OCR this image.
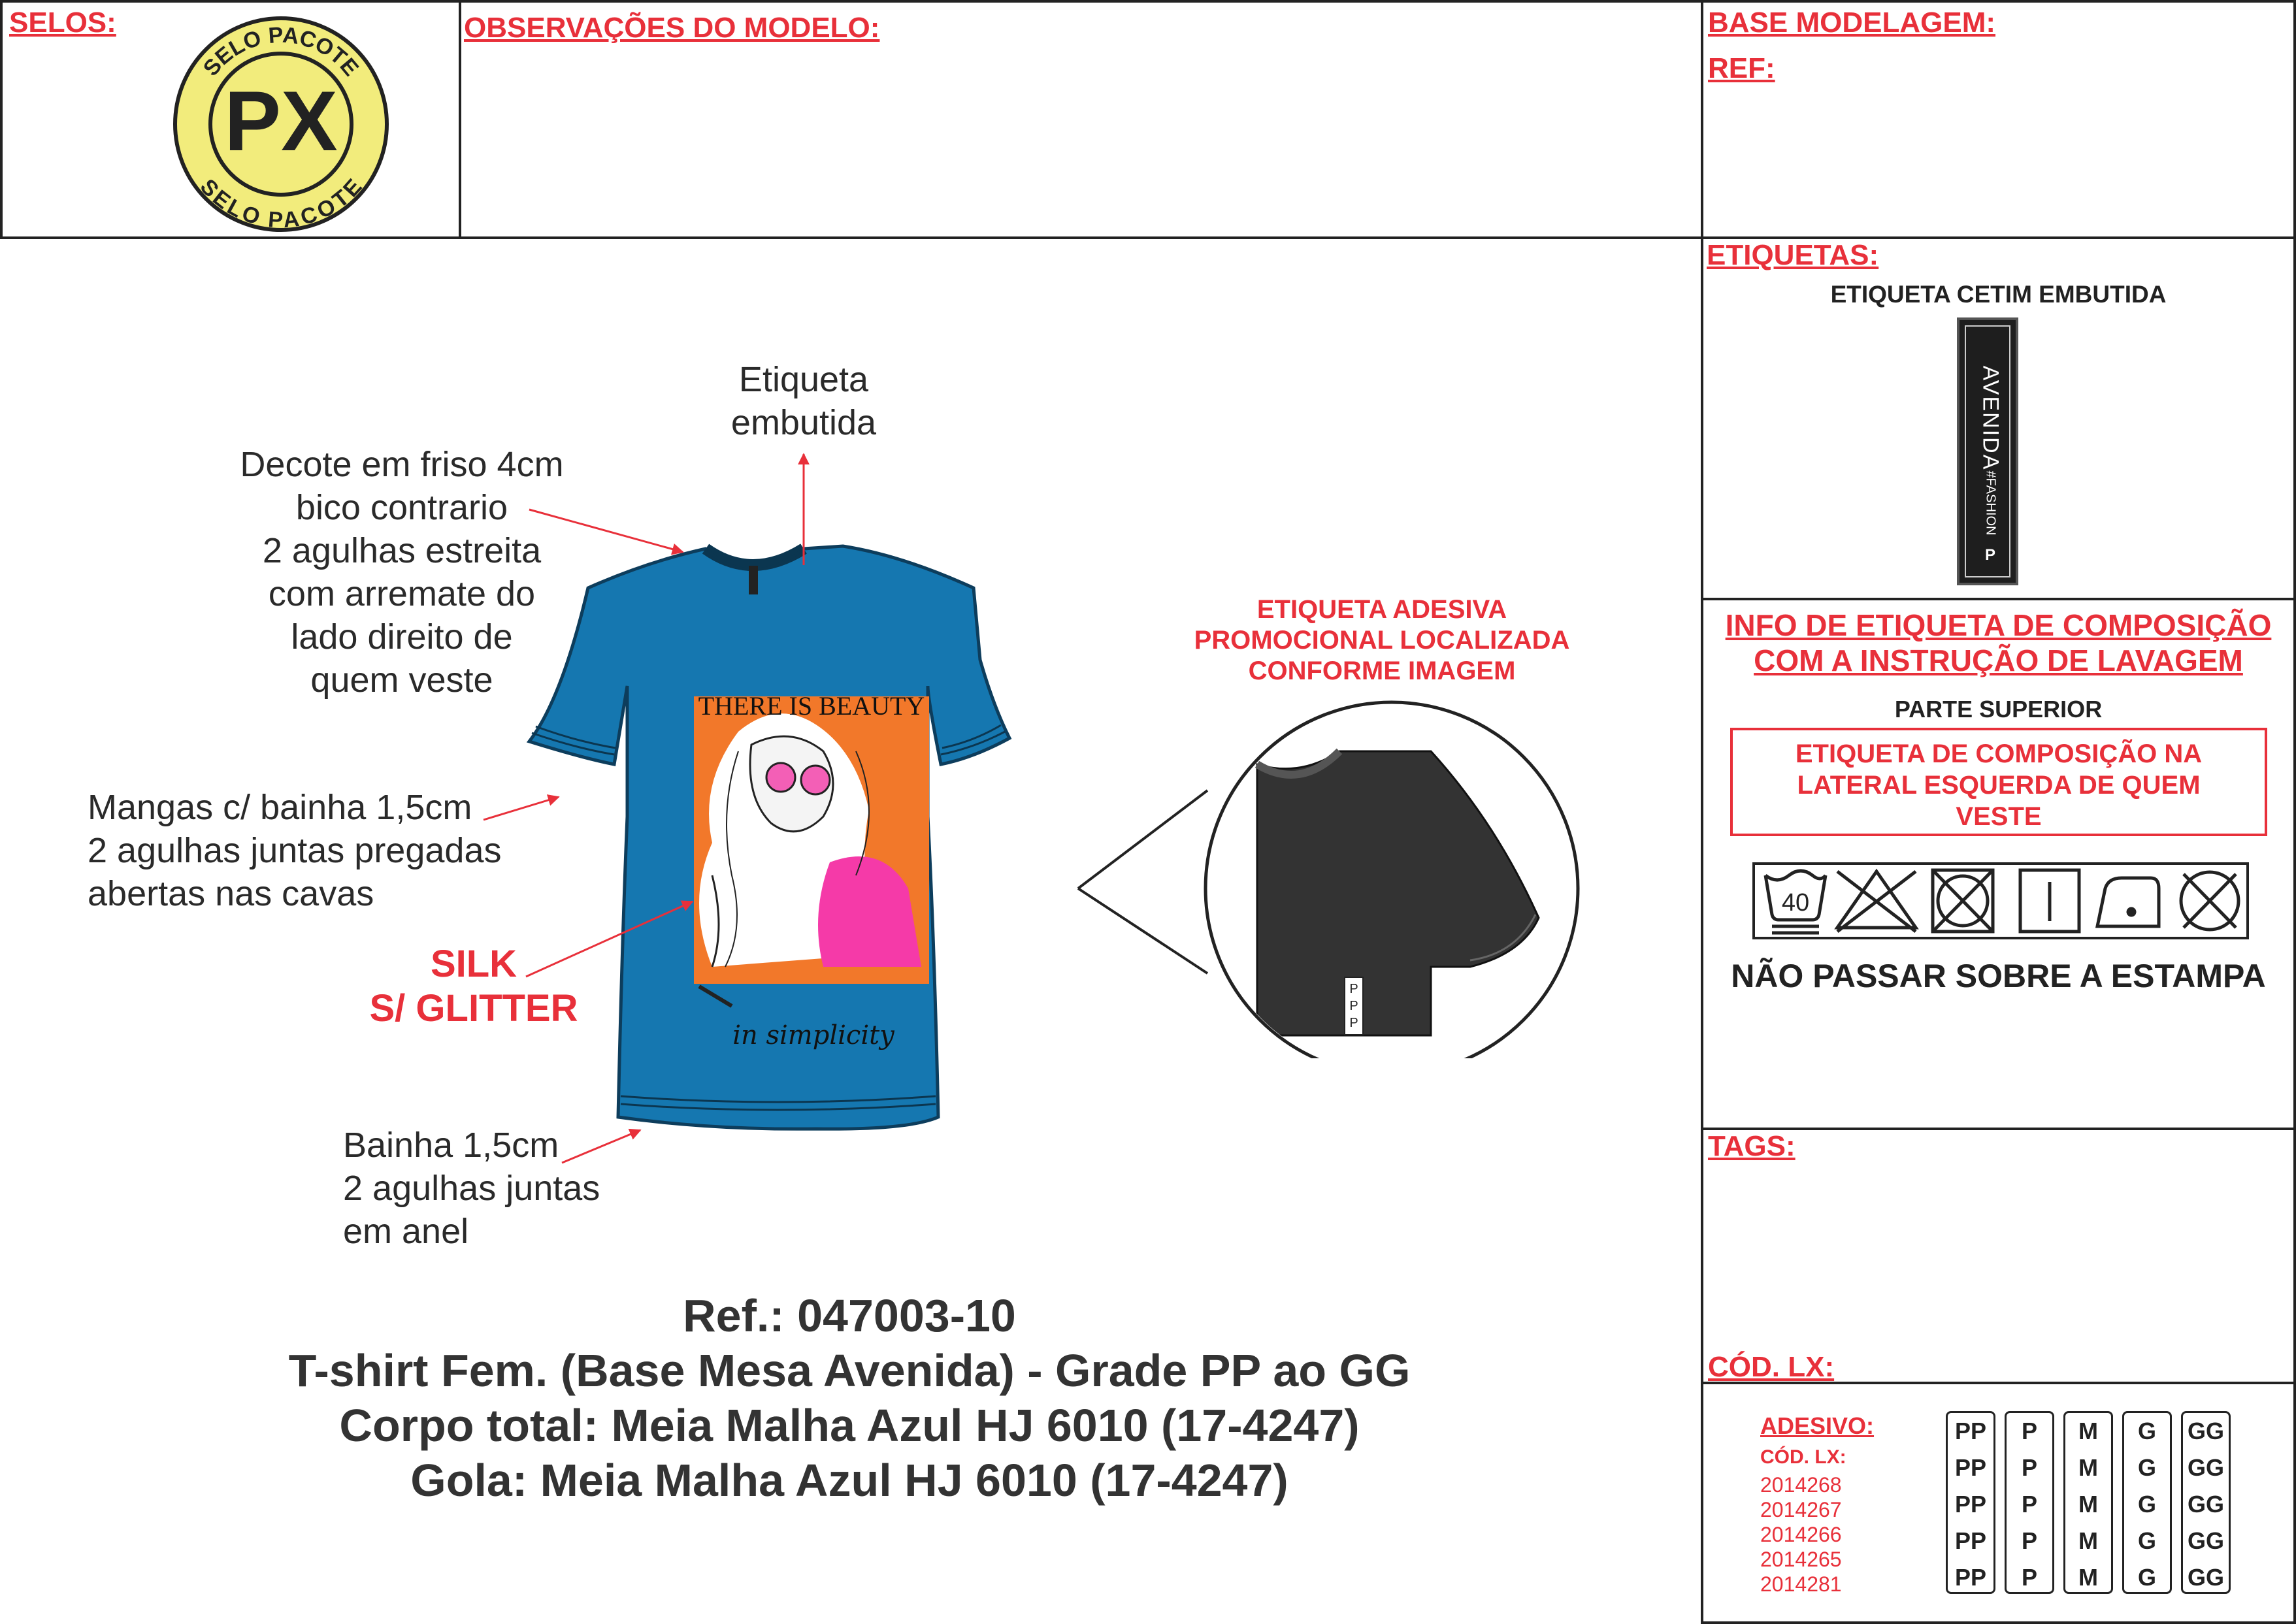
SELOS:	OBSERVAÇÕES DO MODELO:	BASE MODELAGEM:
REF:
SELO PACOTE
SELO PACOTE
PX
ETIQUETAS:
ETIQUETA CETIM EMBUTIDA
AVENIDA
#FASHION
P
INFO DE ETIQUETA DE COMPOSIÇÃO
COM A INSTRUÇÃO DE LAVAGEM
PARTE SUPERIOR
ETIQUETA DE COMPOSIÇÃO NA
LATERAL ESQUERDA DE QUEM
VESTE
40
NÃO PASSAR SOBRE A ESTAMPA
TAGS:
CÓD. LX:
ADESIVO:
CÓD. LX:
2014268
2014267
2014266
2014265
2014281
PP
PP
PP
PP
PP
P
P
P
P
P
M
M
M
M
M
G
G
G
G
G
GG
GG
GG
GG
GG
THERE IS BEAUTY
in simplicity
P
P
P
Etiqueta
embutida
Decote em friso 4cm
bico contrario
2 agulhas estreita
com arremate do
lado direito de
quem veste
Mangas c/ bainha 1,5cm
2 agulhas juntas pregadas
abertas nas cavas
SILK
S/ GLITTER
Bainha 1,5cm
2 agulhas juntas
em anel
ETIQUETA ADESIVA
PROMOCIONAL LOCALIZADA
CONFORME IMAGEM
Ref.: 047003-10
T-shirt Fem. (Base Mesa Avenida) - Grade PP ao GG
Corpo total: Meia Malha Azul HJ 6010 (17-4247)
Gola: Meia Malha Azul HJ 6010 (17-4247)
